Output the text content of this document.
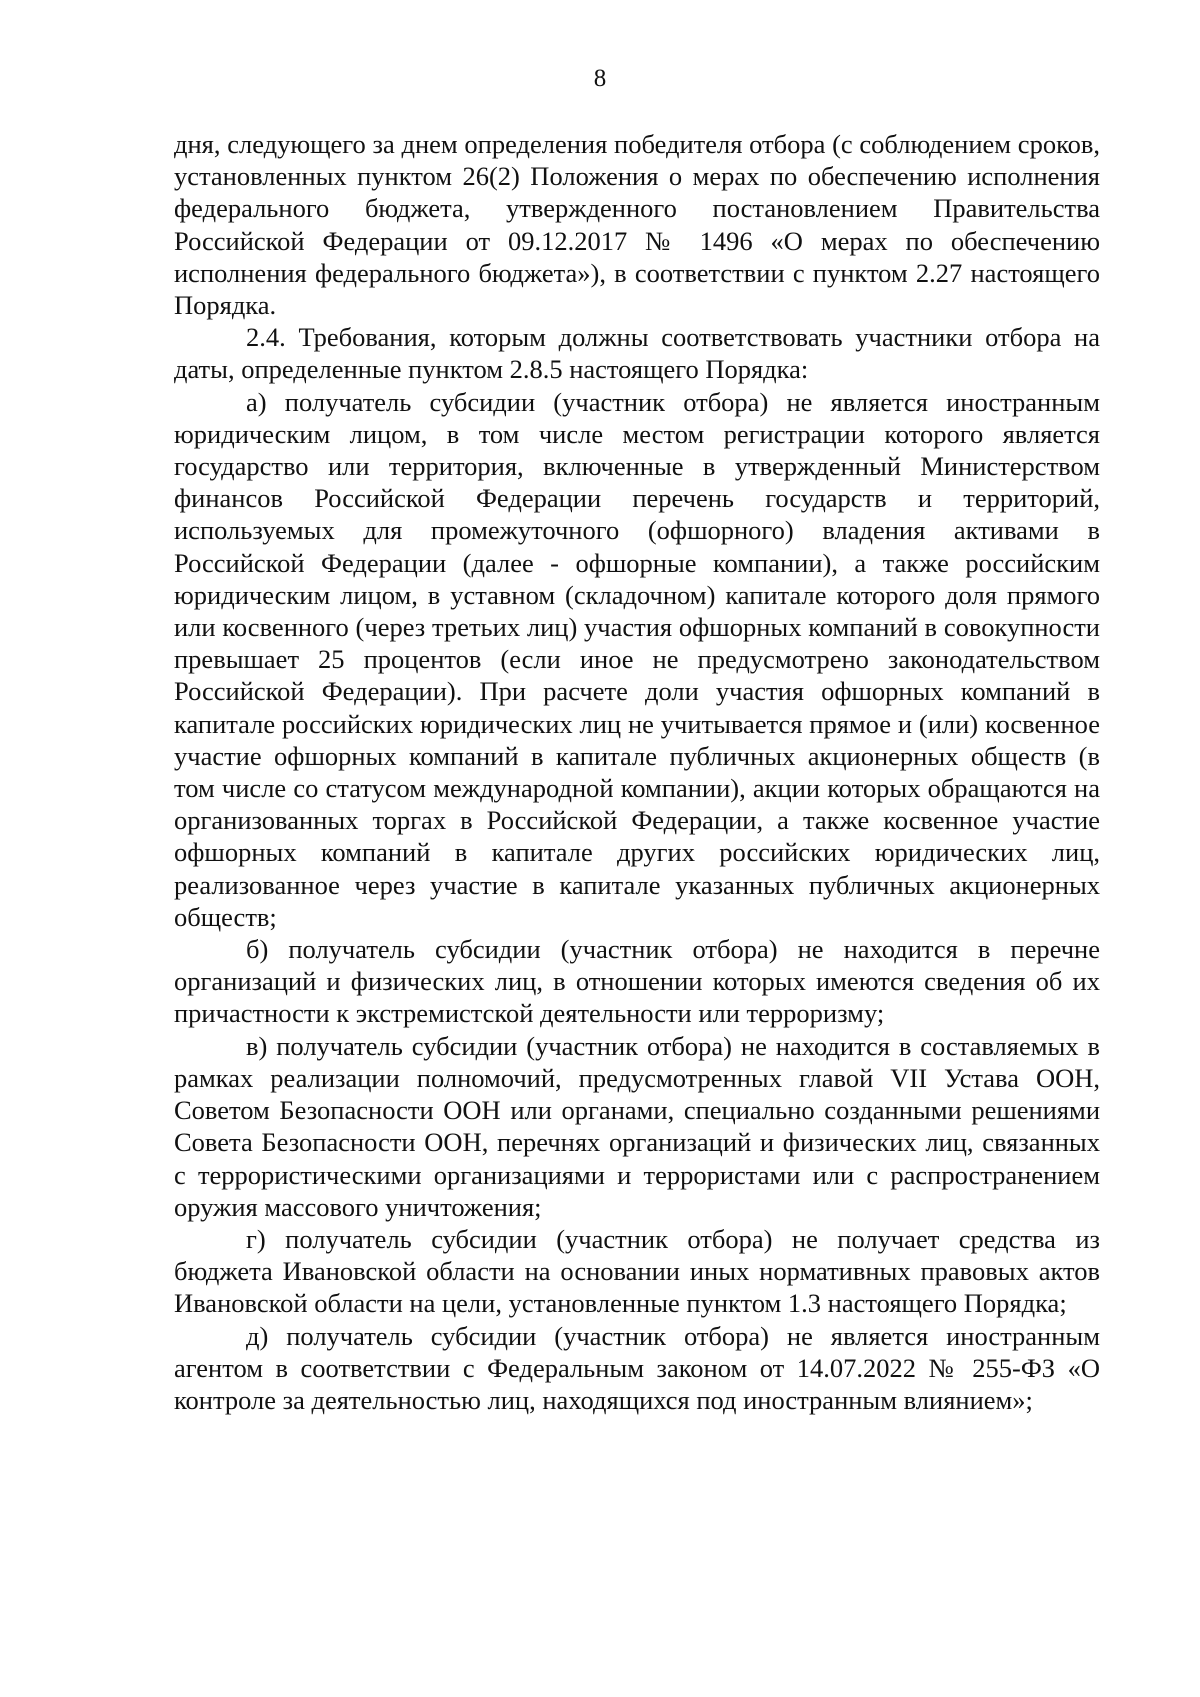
8

дня, следующего за днем определения победителя отбора (с соблюдением сроков, установленных пунктом 26(2) Положения о мерах по обеспечению исполнения федерального бюджета, утвержденного постановлением Правительства Российской Федерации от 09.12.2017 № 1496 «О мерах по обеспечению исполнения федерального бюджета»), в соответствии с пунктом 2.27 настоящего Порядка.

2.4. Требования, которым должны соответствовать участники отбора на даты, определенные пунктом 2.8.5 настоящего Порядка:

а) получатель субсидии (участник отбора) не является иностранным юридическим лицом, в том числе местом регистрации которого является государство или территория, включенные в утвержденный Министерством финансов Российской Федерации перечень государств и территорий, используемых для промежуточного (офшорного) владения активами в Российской Федерации (далее - офшорные компании), а также российским юридическим лицом, в уставном (складочном) капитале которого доля прямого или косвенного (через третьих лиц) участия офшорных компаний в совокупности превышает 25 процентов (если иное не предусмотрено законодательством Российской Федерации). При расчете доли участия офшорных компаний в капитале российских юридических лиц не учитывается прямое и (или) косвенное участие офшорных компаний в капитале публичных акционерных обществ (в том числе со статусом международной компании), акции которых обращаются на организованных торгах в Российской Федерации, а также косвенное участие офшорных компаний в капитале других российских юридических лиц, реализованное через участие в капитале указанных публичных акционерных обществ;

б) получатель субсидии (участник отбора) не находится в перечне организаций и физических лиц, в отношении которых имеются сведения об их причастности к экстремистской деятельности или терроризму;

в) получатель субсидии (участник отбора) не находится в составляемых в рамках реализации полномочий, предусмотренных главой VII Устава ООН, Советом Безопасности ООН или органами, специально созданными решениями Совета Безопасности ООН, перечнях организаций и физических лиц, связанных с террористическими организациями и террористами или с распространением оружия массового уничтожения;

г) получатель субсидии (участник отбора) не получает средства из бюджета Ивановской области на основании иных нормативных правовых актов Ивановской области на цели, установленные пунктом 1.3 настоящего Порядка;

д) получатель субсидии (участник отбора) не является иностранным агентом в соответствии с Федеральным законом от 14.07.2022 № 255-ФЗ «О контроле за деятельностью лиц, находящихся под иностранным влиянием»;
